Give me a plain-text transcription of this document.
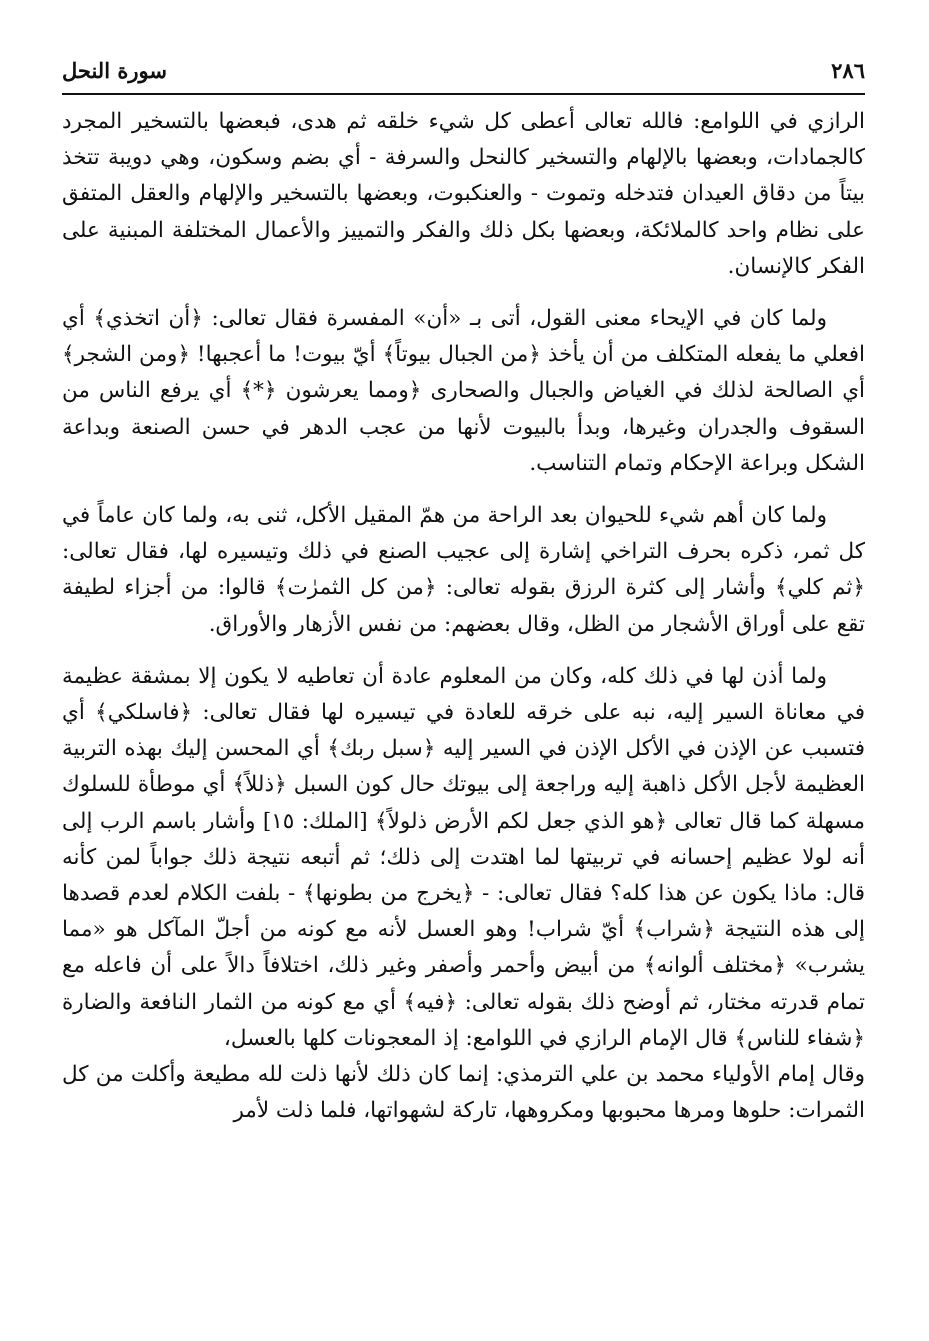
٢٨٦
سورة النحل

الرازي في اللوامع: فالله تعالى أعطى كل شيء خلقه ثم هدى، فبعضها بالتسخير المجرد كالجمادات، وبعضها بالإلهام والتسخير كالنحل والسرفة - أي بضم وسكون، وهي دويبة تتخذ بيتاً من دقاق العيدان فتدخله وتموت - والعنكبوت، وبعضها بالتسخير والإلهام والعقل المتفق على نظام واحد كالملائكة، وبعضها بكل ذلك والفكر والتمييز والأعمال المختلفة المبنية على الفكر كالإنسان.

ولما كان في الإيحاء معنى القول، أتى بـ «أن» المفسرة فقال تعالى: ﴿أن اتخذي﴾ أي افعلي ما يفعله المتكلف من أن يأخذ ﴿من الجبال بيوتاً﴾ أيّ بيوت! ما أعجبها! ﴿ومن الشجر﴾ أي الصالحة لذلك في الغياض والجبال والصحارى ﴿ومما يعرشون ﴿*﴾ أي يرفع الناس من السقوف والجدران وغيرها، وبدأ بالبيوت لأنها من عجب الدهر في حسن الصنعة وبداعة الشكل وبراعة الإحكام وتمام التناسب.

ولما كان أهم شيء للحيوان بعد الراحة من همّ المقيل الأكل، ثنى به، ولما كان عاماً في كل ثمر، ذكره بحرف التراخي إشارة إلى عجيب الصنع في ذلك وتيسيره لها، فقال تعالى: ﴿ثم كلي﴾ وأشار إلى كثرة الرزق بقوله تعالى: ﴿من كل الثمرٰت﴾ قالوا: من أجزاء لطيفة تقع على أوراق الأشجار من الظل، وقال بعضهم: من نفس الأزهار والأوراق.

ولما أذن لها في ذلك كله، وكان من المعلوم عادة أن تعاطيه لا يكون إلا بمشقة عظيمة في معاناة السير إليه، نبه على خرقه للعادة في تيسيره لها فقال تعالى: ﴿فاسلكي﴾ أي فتسبب عن الإذن في الأكل الإذن في السير إليه ﴿سبل ربك﴾ أي المحسن إليك بهذه التربية العظيمة لأجل الأكل ذاهبة إليه وراجعة إلى بيوتك حال كون السبل ﴿ذللاً﴾ أي موطأة للسلوك مسهلة كما قال تعالى ﴿هو الذي جعل لكم الأرض ذلولاً﴾ [الملك: ١٥] وأشار باسم الرب إلى أنه لولا عظيم إحسانه في تربيتها لما اهتدت إلى ذلك؛ ثم أتبعه نتيجة ذلك جواباً لمن كأنه قال: ماذا يكون عن هذا كله؟ فقال تعالى: - ﴿يخرج من بطونها﴾ - بلفت الكلام لعدم قصدها إلى هذه النتيجة ﴿شراب﴾ أيّ شراب! وهو العسل لأنه مع كونه من أجلّ المآكل هو «مما يشرب» ﴿مختلف ألوانه﴾ من أبيض وأحمر وأصفر وغير ذلك، اختلافاً دالاً على أن فاعله مع تمام قدرته مختار، ثم أوضح ذلك بقوله تعالى: ﴿فيه﴾ أي مع كونه من الثمار النافعة والضارة ﴿شفاء للناس﴾ قال الإمام الرازي في اللوامع: إذ المعجونات كلها بالعسل،

وقال إمام الأولياء محمد بن علي الترمذي: إنما كان ذلك لأنها ذلت لله مطيعة وأكلت من كل الثمرات: حلوها ومرها محبوبها ومكروهها، تاركة لشهواتها، فلما ذلت لأمر
